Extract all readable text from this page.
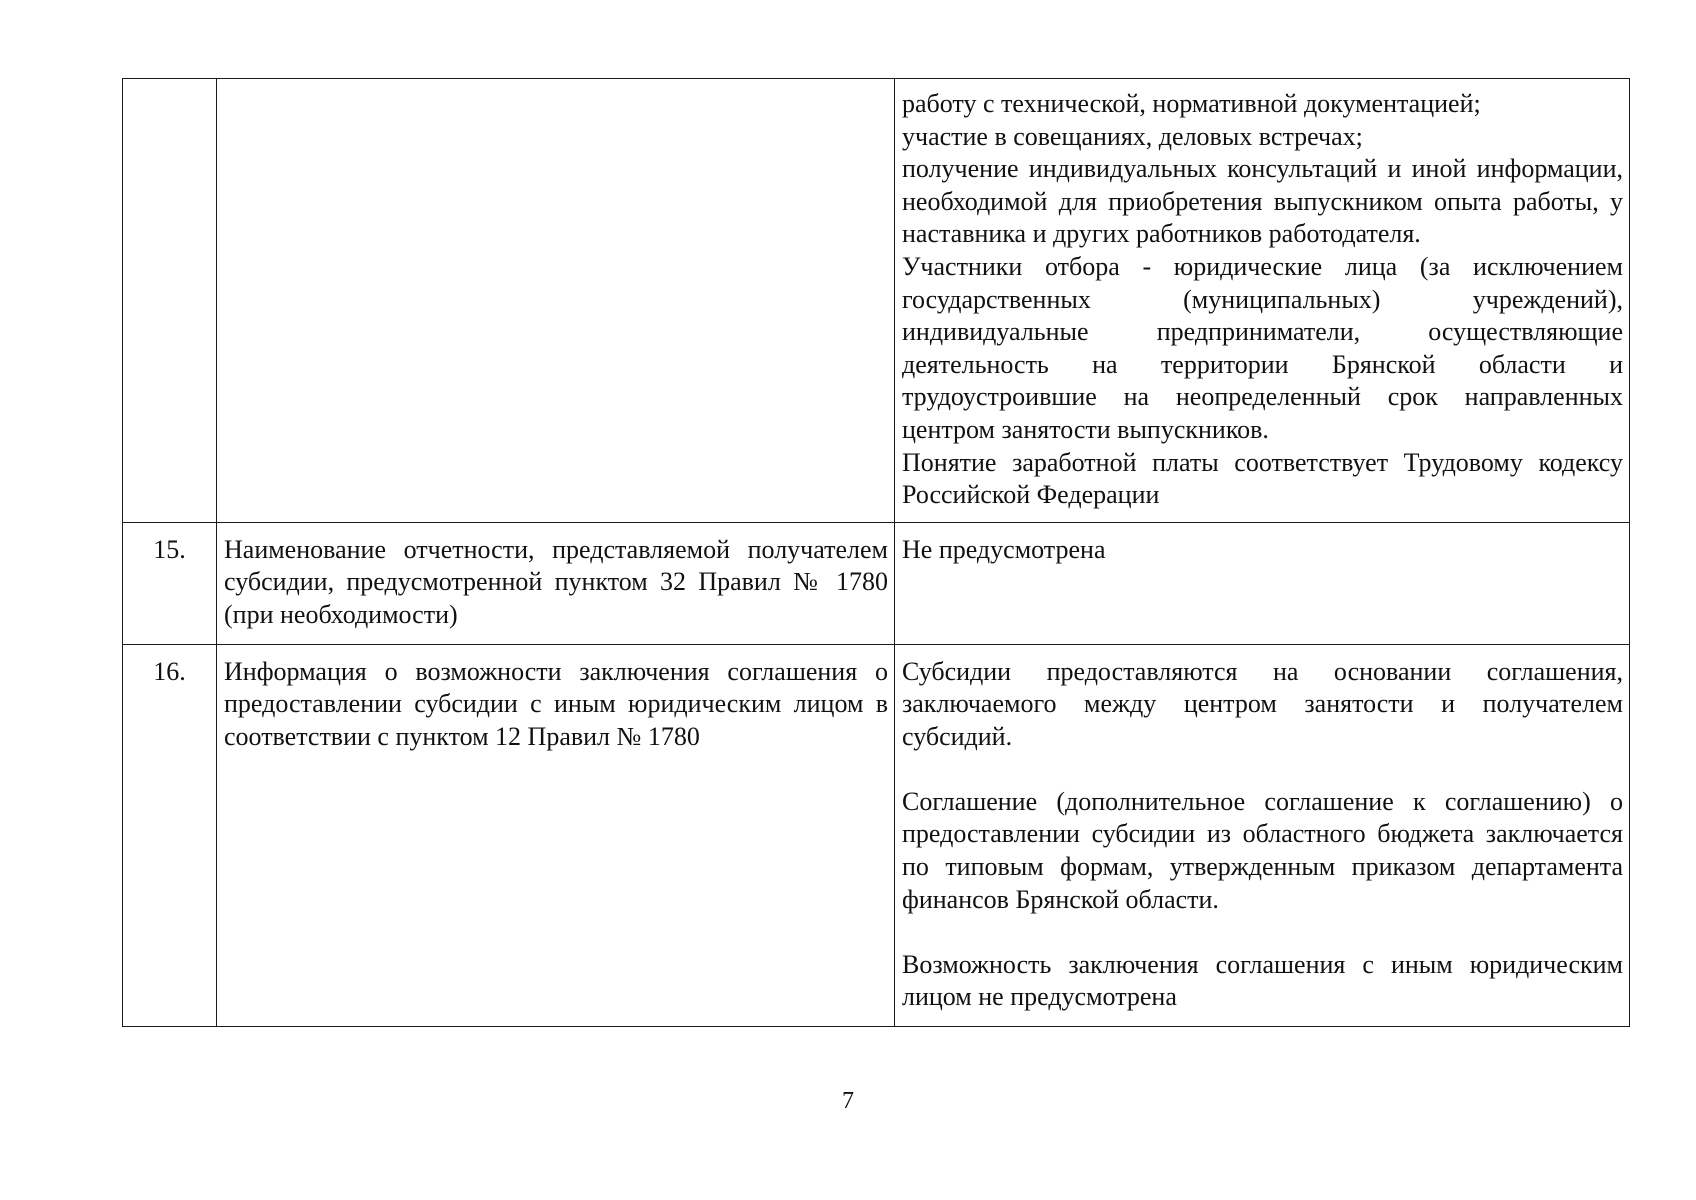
		работу с технической, нормативной документацией;
участие в совещаниях, деловых встречах;
получение индивидуальных консультаций и иной информации, необходимой для приобретения выпускником опыта работы, у наставника и других работников работодателя.
Участники отбора - юридические лица (за исключением государственных (муниципальных) учреждений), индивидуальные предприниматели, осуществляющие деятельность на территории Брянской области и трудоустроившие на неопределенный срок направленных центром занятости выпускников.
Понятие заработной платы соответствует Трудовому кодексу Российской Федерации

15.	Наименование отчетности, представляемой получателем субсидии, предусмотренной пунктом 32 Правил № 1780 (при необходимости)	Не предусмотрена

16.	Информация о возможности заключения соглашения о предоставлении субсидии с иным юридическим лицом в соответствии с пунктом 12 Правил № 1780	Субсидии предоставляются на основании соглашения, заключаемого между центром занятости и получателем субсидий.
Соглашение (дополнительное соглашение к соглашению) о предоставлении субсидии из областного бюджета заключается по типовым формам, утвержденным приказом департамента финансов Брянской области.
Возможность заключения соглашения с иным юридическим лицом не предусмотрена
7
